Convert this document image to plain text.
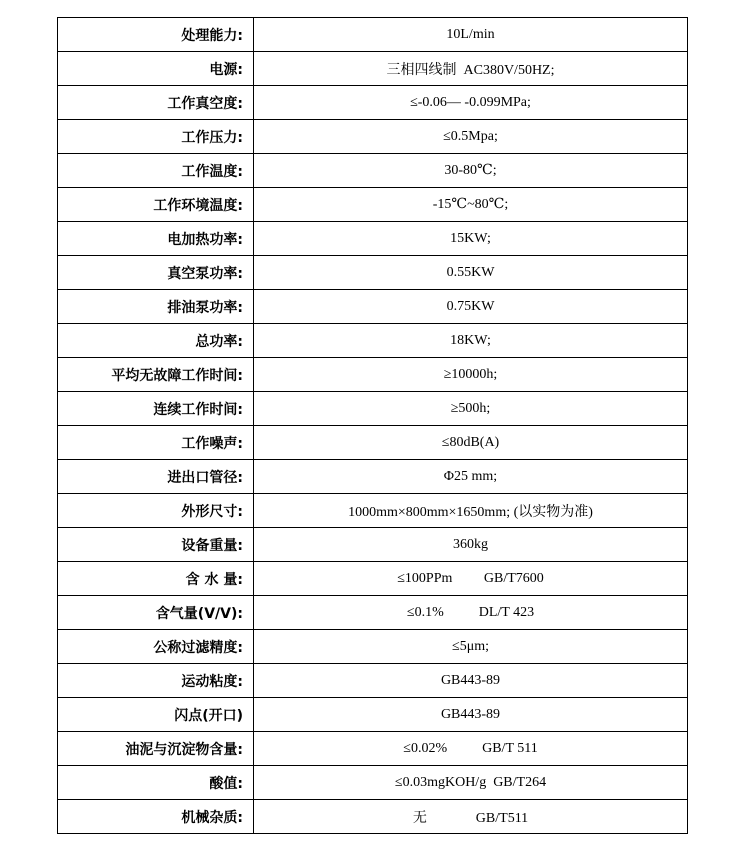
处理能力:	10L/min
电源:	三相四线制  AC380V/50HZ;
工作真空度:	≤-0.06— -0.099MPa;
工作压力:	≤0.5Mpa;
工作温度:	30-80℃;
工作环境温度:	-15℃~80℃;
电加热功率:	15KW;
真空泵功率:	0.55KW
排油泵功率:	0.75KW
总功率:	18KW;
平均无故障工作时间:	≥10000h;
连续工作时间:	≥500h;
工作噪声:	≤80dB(A)
进出口管径:	Φ25 mm;
外形尺寸:	1000mm×800mm×1650mm; (以实物为准)
设备重量:	360kg
含 水 量:	≤100PPm         GB/T7600
含气量(V/V):	≤0.1%          DL/T 423
公称过滤精度:	≤5μm;
运动粘度:	GB443-89
闪点(开口)	GB443-89
油泥与沉淀物含量:	≤0.02%          GB/T 511
酸值:	≤0.03mgKOH/g  GB/T264
机械杂质:	无              GB/T511
